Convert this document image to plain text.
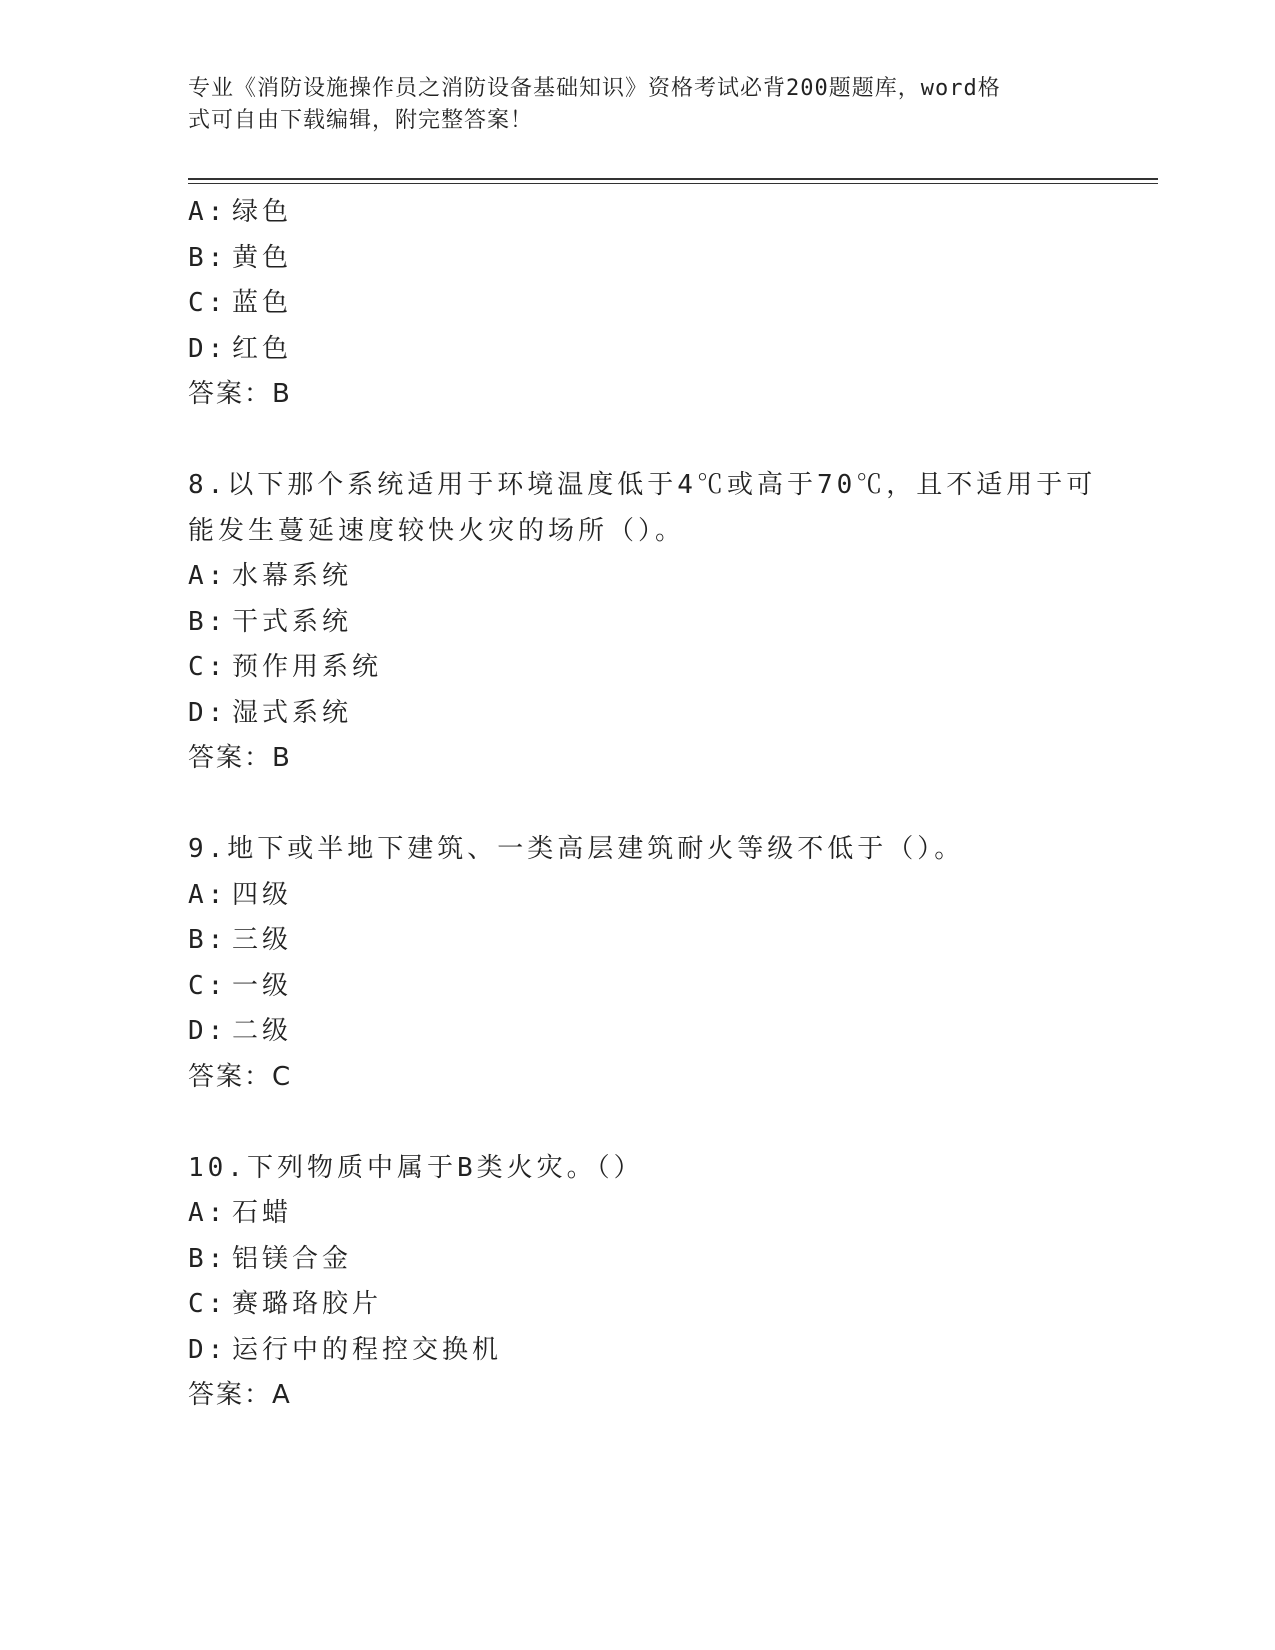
专业《消防设施操作员之消防设备基础知识》资格考试必背200题题库，word格
式可自由下载编辑，附完整答案！
A: 绿色
B: 黄色
C: 蓝色
D: 红色
答案：B
8.以下那个系统适用于环境温度低于4℃或高于70℃，且不适用于可
能发生蔓延速度较快火灾的场所（）。
A: 水幕系统
B: 干式系统
C: 预作用系统
D: 湿式系统
答案：B
9.地下或半地下建筑、一类高层建筑耐火等级不低于（）。
A: 四级
B: 三级
C: 一级
D: 二级
答案：C
10.下列物质中属于B类火灾。（）
A: 石蜡
B: 铝镁合金
C: 赛璐珞胶片
D: 运行中的程控交换机
答案：A
